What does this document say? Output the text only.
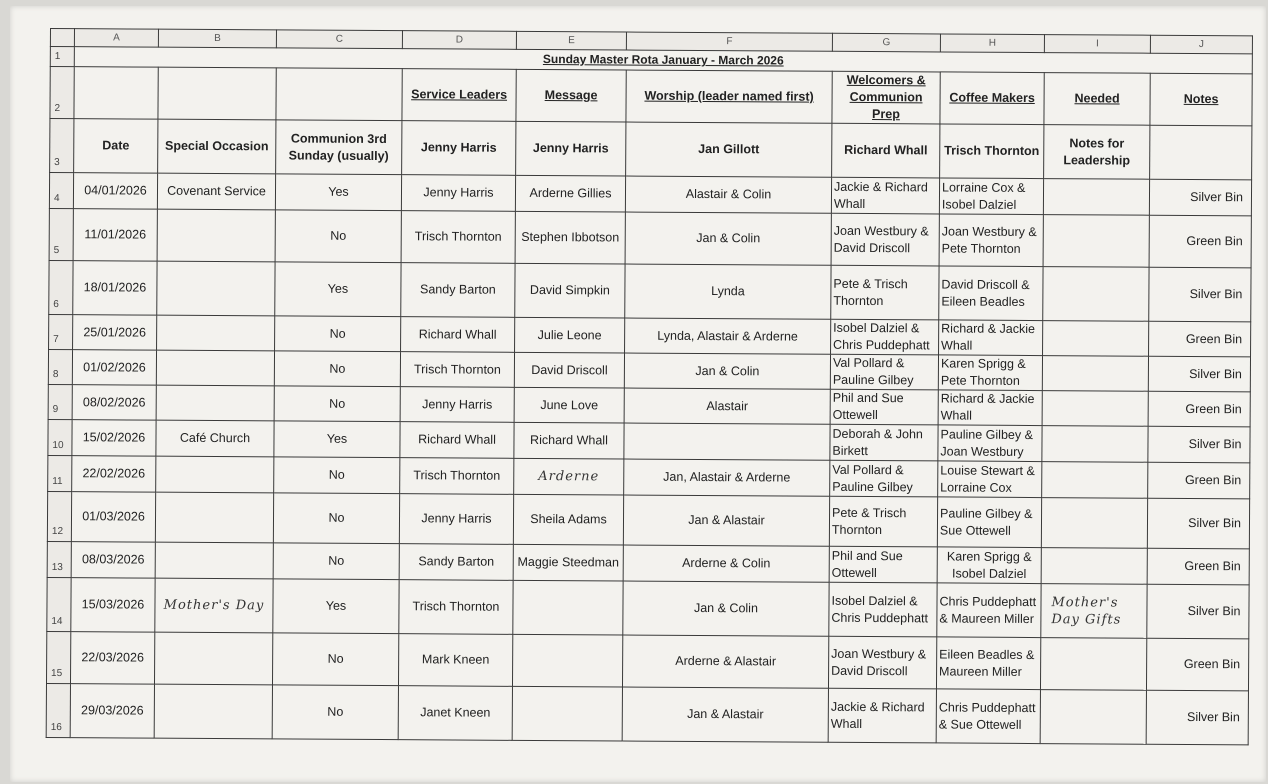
	A	B	C	D	E	F	G	H	I	J
1	Sunday Master Rota January - March 2026									
2				Service Leaders	Message	Worship (leader named first)	Welcomers & Communion Prep	Coffee Makers	Needed	Notes
3	Date	Special Occasion	Communion 3rd Sunday (usually)	Jenny Harris	Jenny Harris	Jan Gillott	Richard Whall	Trisch Thornton	Notes for Leadership	
4	04/01/2026	Covenant Service	Yes	Jenny Harris	Arderne Gillies	Alastair & Colin	Jackie & Richard Whall	Lorraine Cox & Isobel Dalziel		Silver Bin
5	11/01/2026		No	Trisch Thornton	Stephen Ibbotson	Jan & Colin	Joan Westbury & David Driscoll	Joan Westbury & Pete Thornton		Green Bin
6	18/01/2026		Yes	Sandy Barton	David Simpkin	Lynda	Pete & Trisch Thornton	David Driscoll & Eileen Beadles		Silver Bin
7	25/01/2026		No	Richard Whall	Julie Leone	Lynda, Alastair & Arderne	Isobel Dalziel & Chris Puddephatt	Richard & Jackie Whall		Green Bin
8	01/02/2026		No	Trisch Thornton	David Driscoll	Jan & Colin	Val Pollard & Pauline Gilbey	Karen Sprigg & Pete Thornton		Silver Bin
9	08/02/2026		No	Jenny Harris	June Love	Alastair	Phil and Sue Ottewell	Richard & Jackie Whall		Green Bin
10	15/02/2026	Café Church	Yes	Richard Whall	Richard Whall		Deborah & John Birkett	Pauline Gilbey & Joan Westbury		Silver Bin
11	22/02/2026		No	Trisch Thornton	Arderne	Jan, Alastair & Arderne	Val Pollard & Pauline Gilbey	Louise Stewart & Lorraine Cox		Green Bin
12	01/03/2026		No	Jenny Harris	Sheila Adams	Jan & Alastair	Pete & Trisch Thornton	Pauline Gilbey & Sue Ottewell		Silver Bin
13	08/03/2026		No	Sandy Barton	Maggie Steedman	Arderne & Colin	Phil and Sue Ottewell	Karen Sprigg & Isobel Dalziel		Green Bin
14	15/03/2026	Mother's Day	Yes	Trisch Thornton		Jan & Colin	Isobel Dalziel & Chris Puddephatt	Chris Puddephatt & Maureen Miller	Mother's Day Gifts	Silver Bin
15	22/03/2026		No	Mark Kneen		Arderne & Alastair	Joan Westbury & David Driscoll	Eileen Beadles & Maureen Miller		Green Bin
16	29/03/2026		No	Janet Kneen		Jan & Alastair	Jackie & Richard Whall	Chris Puddephatt & Sue Ottewell		Silver Bin
